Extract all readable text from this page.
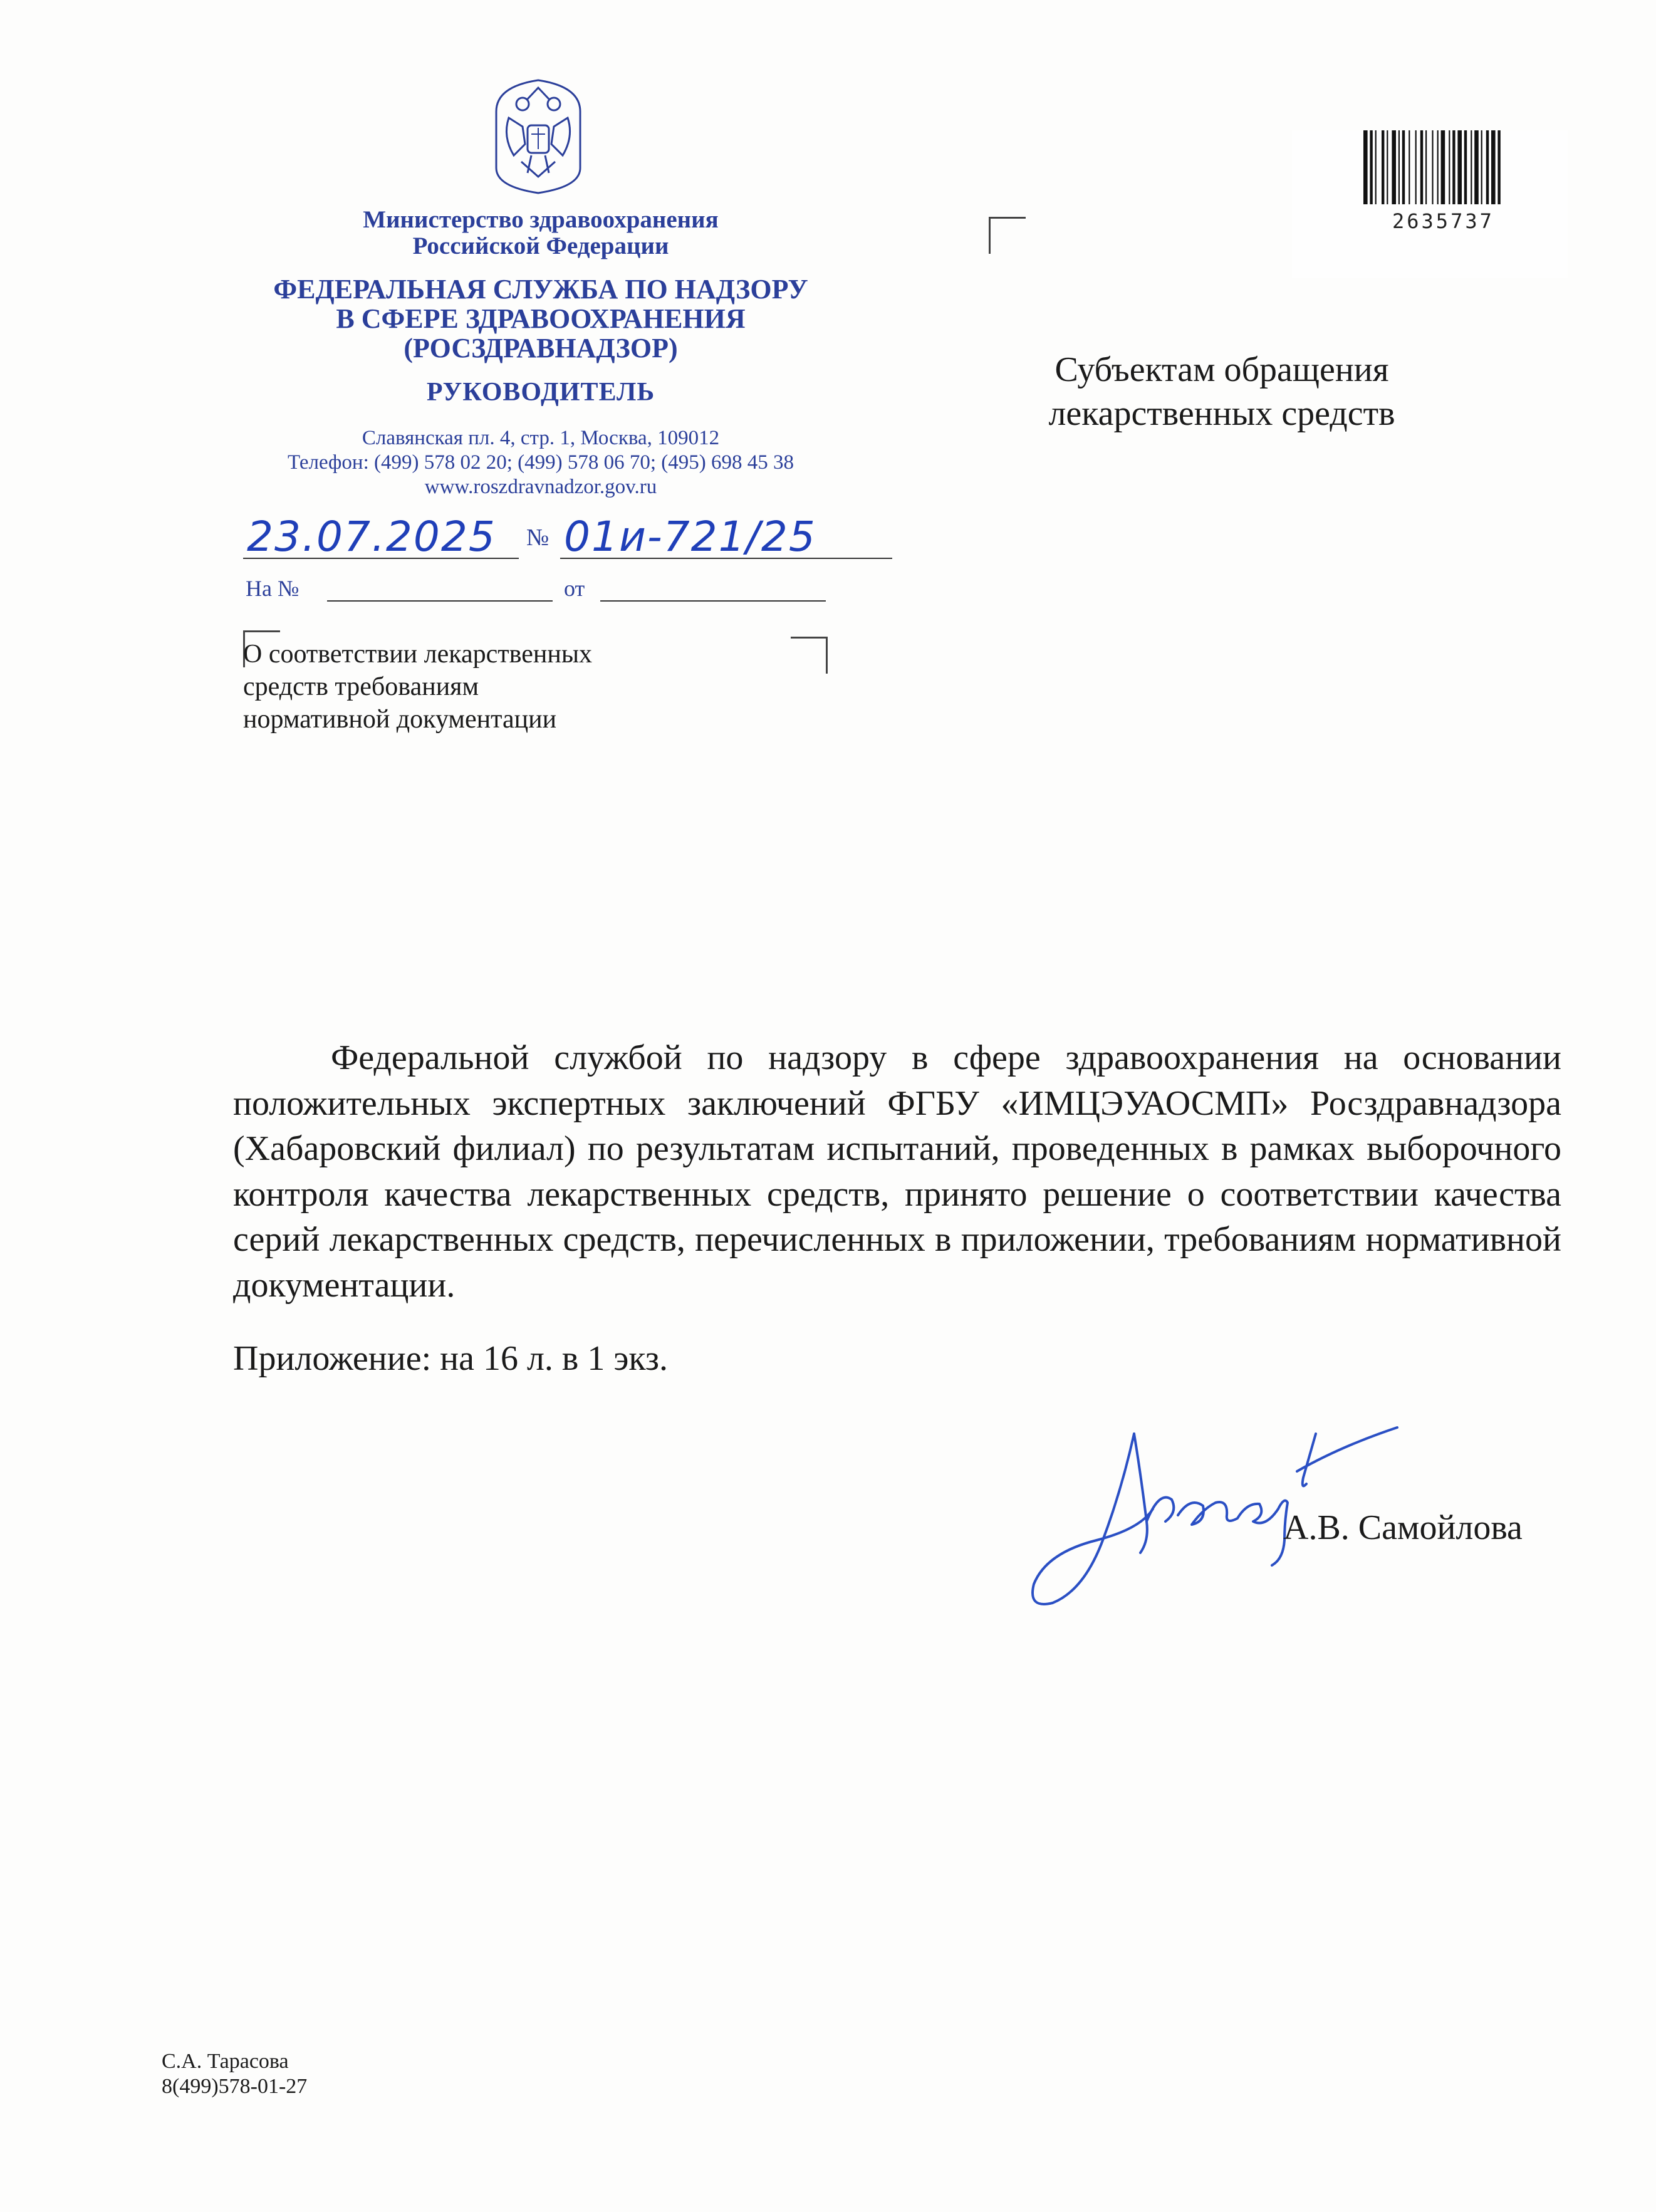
Министерство здравоохранения
Российской Федерации
ФЕДЕРАЛЬНАЯ СЛУЖБА ПО НАДЗОРУ
В СФЕРЕ ЗДРАВООХРАНЕНИЯ
(РОСЗДРАВНАДЗОР)
РУКОВОДИТЕЛЬ
Славянская пл. 4, стр. 1, Москва, 109012
Телефон: (499) 578 02 20; (499) 578 06 70; (495) 698 45 38
www.roszdravnadzor.gov.ru
23.07.2025 № 01и-721/25
На №	от
О соответствии лекарственных
средств требованиям
нормативной документации
2635737
Субъектам обращения
лекарственных средств
Федеральной службой по надзору в сфере здравоохранения на основании положительных экспертных заключений ФГБУ «ИМЦЭУАОСМП» Росздравнадзора (Хабаровский филиал) по результатам испытаний, проведенных в рамках выборочного контроля качества лекарственных средств, принято решение о соответствии качества серий лекарственных средств, перечисленных в приложении, требованиям нормативной документации.
Приложение: на 16 л. в 1 экз.
А.В. Самойлова
С.А. Тарасова
8(499)578-01-27
